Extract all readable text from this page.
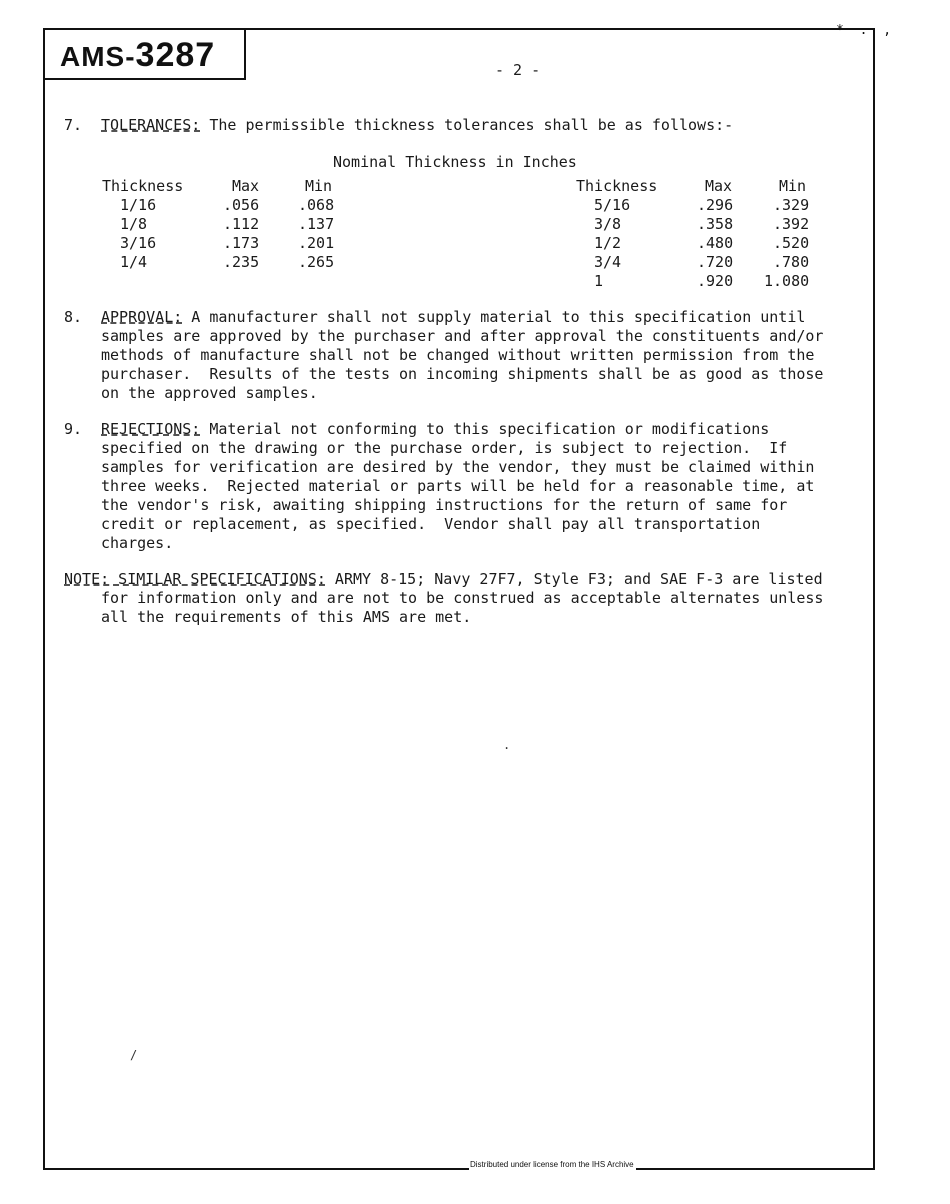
AMS-3287
* . ,
- 2 -
7. TOLERANCES: The permissible thickness tolerances shall be as follows:-
Nominal Thickness in Inches
Thickness	Max	Min
1/16	.056	.068
1/8	.112	.137
3/16	.173	.201
1/4	.235	.265
Thickness	Max	Min
5/16	.296	.329
3/8	.358	.392
1/2	.480	.520
3/4	.720	.780
1	.920 1.080
8. APPROVAL: A manufacturer shall not supply material to this specification until
samples are approved by the purchaser and after approval the constituents and/or
methods of manufacture shall not be changed without written permission from the
purchaser.  Results of the tests on incoming shipments shall be as good as those
on the approved samples.
9. REJECTIONS: Material not conforming to this specification or modifications
specified on the drawing or the purchase order, is subject to rejection.  If
samples for verification are desired by the vendor, they must be claimed within
three weeks.  Rejected material or parts will be held for a reasonable time, at
the vendor's risk, awaiting shipping instructions for the return of same for
credit or replacement, as specified.  Vendor shall pay all transportation
charges.
NOTE: SIMILAR SPECIFICATIONS: ARMY 8-15; Navy 27F7, Style F3; and SAE F-3 are listed
for information only and are not to be construed as acceptable alternates unless
all the requirements of this AMS are met.
.
/
Distributed under license from the IHS Archive
